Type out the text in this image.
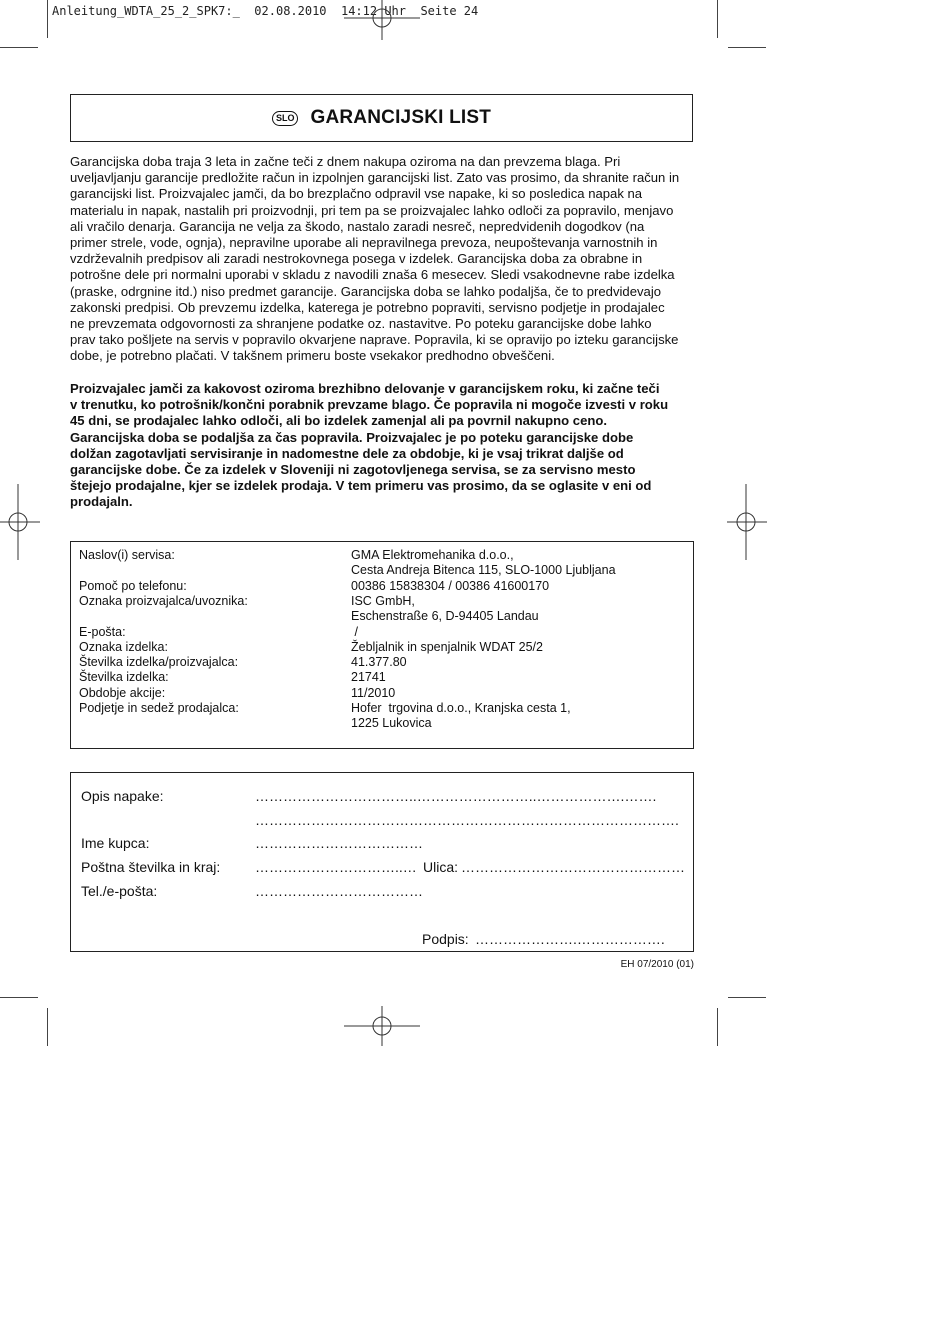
Anleitung_WDTA_25_2_SPK7:_  02.08.2010  14:12 Uhr  Seite 24
SLO GARANCIJSKI LIST
Garancijska doba traja 3 leta in začne teči z dnem nakupa oziroma na dan prevzema blaga. Pri
uveljavljanju garancije predložite račun in izpolnjen garancijski list. Zato vas prosimo, da shranite račun in
garancijski list. Proizvajalec jamči, da bo brezplačno odpravil vse napake, ki so posledica napak na
materialu in napak, nastalih pri proizvodnji, pri tem pa se proizvajalec lahko odloči za popravilo, menjavo
ali vračilo denarja. Garancija ne velja za škodo, nastalo zaradi nesreč, nepredvidenih dogodkov (na
primer strele, vode, ognja), nepravilne uporabe ali nepravilnega prevoza, neupoštevanja varnostnih in
vzdrževalnih predpisov ali zaradi nestrokovnega posega v izdelek. Garancijska doba za obrabne in
potrošne dele pri normalni uporabi v skladu z navodili znaša 6 mesecev. Sledi vsakodnevne rabe izdelka
(praske, odrgnine itd.) niso predmet garancije. Garancijska doba se lahko podaljša, če to predvidevajo
zakonski predpisi. Ob prevzemu izdelka, katerega je potrebno popraviti, servisno podjetje in prodajalec
ne prevzemata odgovornosti za shranjene podatke oz. nastavitve. Po poteku garancijske dobe lahko
prav tako pošljete na servis v popravilo okvarjene naprave. Popravila, ki se opravijo po izteku garancijske
dobe, je potrebno plačati. V takšnem primeru boste vsekakor predhodno obveščeni.
Proizvajalec jamči za kakovost oziroma brezhibno delovanje v garancijskem roku, ki začne teči
v trenutku, ko potrošnik/končni porabnik prevzame blago. Če popravila ni mogoče izvesti v roku
45 dni, se prodajalec lahko odloči, ali bo izdelek zamenjal ali pa povrnil nakupno ceno.
Garancijska doba se podaljša za čas popravila. Proizvajalec je po poteku garancijske dobe
dolžan zagotavljati servisiranje in nadomestne dele za obdobje, ki je vsaj trikrat daljše od
garancijske dobe. Če za izdelek v Sloveniji ni zagotovljenega servisa, se za servisno mesto
štejejo prodajalne, kjer se izdelek prodaja. V tem primeru vas prosimo, da se oglasite v eni od
prodajaln.
Naslov(i) servisa:	GMA Elektromehanika d.o.o.,
Cesta Andreja Bitenca 115, SLO-1000 Ljubljana
Pomoč po telefonu:	00386 15838304 / 00386 41600170
Oznaka proizvajalca/uvoznika:	ISC GmbH,
Eschenstraße 6, D-94405 Landau
E-pošta:	/
Oznaka izdelka:	Žebljalnik in spenjalnik WDAT 25/2
Številka izdelka/proizvajalca:	41.377.80
Številka izdelka:	21741
Obdobje akcije:	11/2010
Podjetje in sedež prodajalca:	Hofer  trgovina d.o.o., Kranjska cesta 1,
1225 Lukovica
Opis napake:	……………………………..……………………..……………….…….
……………………………………………………………………………….
Ime kupca:	………………………………
Poštna številka in kraj: …………………………..… Ulica: …………………………………………
Tel./e-pošta:	………………………………
Podpis: ………………….……………….
EH 07/2010 (01)
